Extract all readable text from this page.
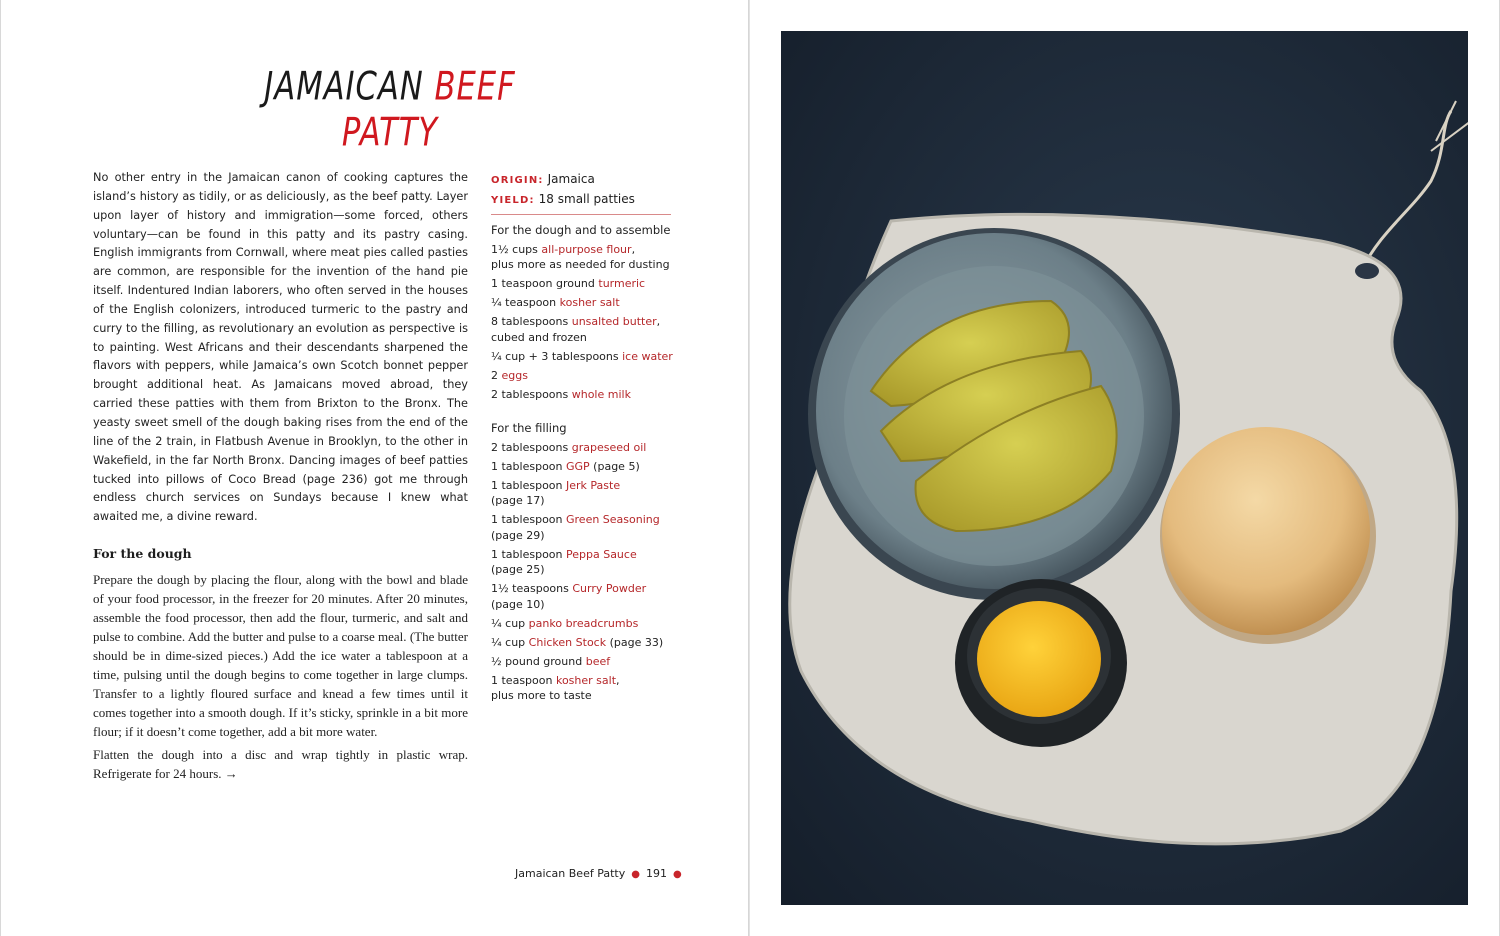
JAMAICAN BEEF PATTY
No other entry in the Jamaican canon of cooking captures the island’s history as tidily, or as deliciously, as the beef patty. Layer upon layer of history and immigration—some forced, others voluntary—can be found in this patty and its pastry casing. English immigrants from Cornwall, where meat pies called pasties are common, are responsible for the invention of the hand pie itself. Indentured Indian laborers, who often served in the houses of the English colonizers, introduced turmeric to the pastry and curry to the filling, as revolutionary an evolution as perspective is to painting. West Africans and their descendants sharpened the flavors with peppers, while Jamaica’s own Scotch bonnet pepper brought additional heat. As Jamaicans moved abroad, they carried these patties with them from Brixton to the Bronx. The yeasty sweet smell of the dough baking rises from the end of the line of the 2 train, in Flatbush Avenue in Brooklyn, to the other in Wakefield, in the far North Bronx. Dancing images of beef patties tucked into pillows of Coco Bread (page 236) got me through endless church services on Sundays because I knew what awaited me, a divine reward.
For the dough

Prepare the dough by placing the flour, along with the bowl and blade of your food processor, in the freezer for 20 minutes. After 20 minutes, assemble the food processor, then add the flour, turmeric, and salt and pulse to combine. Add the butter and pulse to a coarse meal. (The butter should be in dime-sized pieces.) Add the ice water a tablespoon at a time, pulsing until the dough begins to come together in large clumps. Transfer to a lightly floured surface and knead a few times until it comes together into a smooth dough. If it’s sticky, sprinkle in a bit more flour; if it doesn’t come together, add a bit more water.

Flatten the dough into a disc and wrap tightly in plastic wrap. Refrigerate for 24 hours. →

ORIGIN: Jamaica
YIELD: 18 small patties
For the dough and to assemble
1½ cups all-purpose flour,
plus more as needed for dusting
1 teaspoon ground turmeric
¼ teaspoon kosher salt
8 tablespoons unsalted butter,
cubed and frozen
¼ cup + 3 tablespoons ice water
2 eggs
2 tablespoons whole milk
For the filling
2 tablespoons grapeseed oil
1 tablespoon GGP (page 5)
1 tablespoon Jerk Paste
(page 17)
1 tablespoon Green Seasoning
(page 29)
1 tablespoon Peppa Sauce
(page 25)
1½ teaspoons Curry Powder
(page 10)
¼ cup panko breadcrumbs
¼ cup Chicken Stock (page 33)
½ pound ground beef
1 teaspoon kosher salt,
plus more to taste
Jamaican Beef Patty ● 191 ●
